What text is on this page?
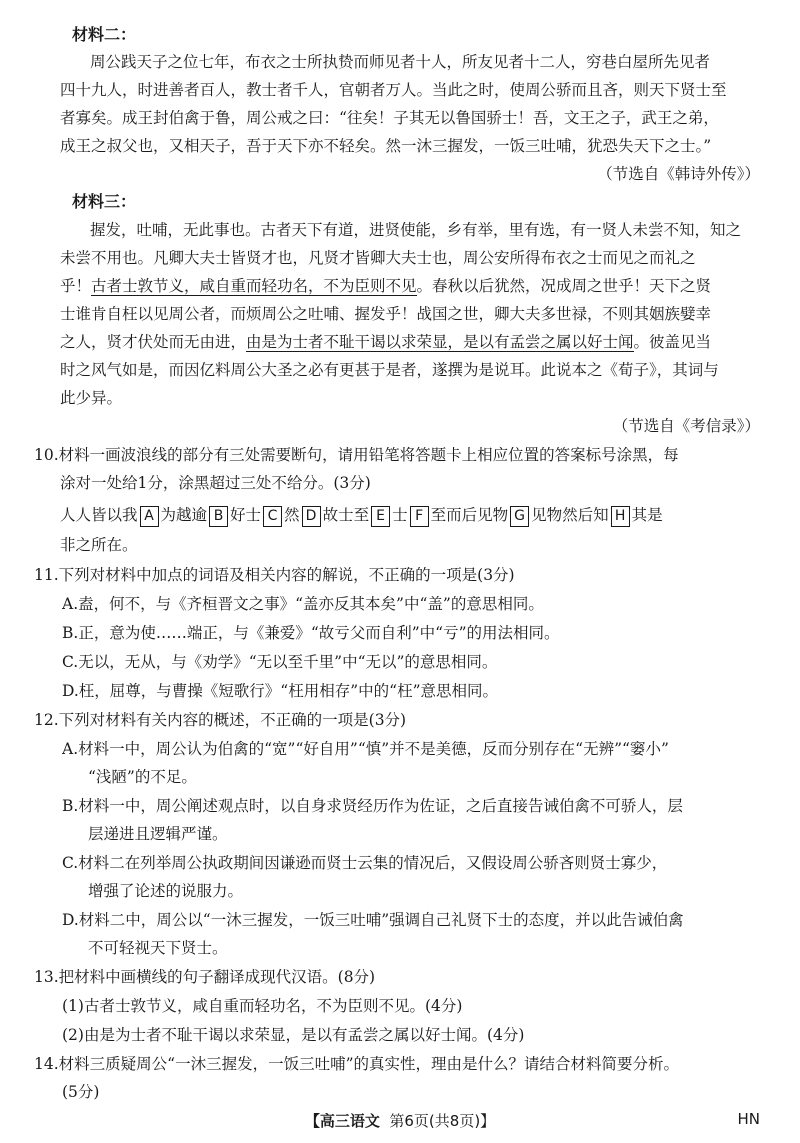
材料二：
周公践天子之位七年，布衣之士所执贽而师见者十人，所友见者十二人，穷巷白屋所先见者
四十九人，时进善者百人，教士者千人，官朝者万人。当此之时，使周公骄而且吝，则天下贤士至
者寡矣。成王封伯禽于鲁，周公戒之曰：“往矣！子其无以鲁国骄士！吾，文王之子，武王之弟，
成王之叔父也，又相天子，吾于天下亦不轻矣。然一沐三握发，一饭三吐哺，犹恐失天下之士。”
（节选自《韩诗外传》）
材料三：
握发，吐哺，无此事也。古者天下有道，进贤使能，乡有举，里有选，有一贤人未尝不知，知之
未尝不用也。凡卿大夫士皆贤才也，凡贤才皆卿大夫士也，周公安所得布衣之士而见之而礼之
乎！古者士敦节义，咸自重而轻功名，不为臣则不见。春秋以后犹然，况成周之世乎！天下之贤
士谁肯自枉以见周公者，而烦周公之吐哺、握发乎！战国之世，卿大夫多世禄，不则其姻族嬖幸
之人，贤才伏处而无由进，由是为士者不耻干谒以求荣显，是以有孟尝之属以好士闻。彼盖见当
时之风气如是，而因亿料周公大圣之必有更甚于是者，遂撰为是说耳。此说本之《荀子》，其词与
此少异。
（节选自《考信录》）
10.材料一画波浪线的部分有三处需要断句，请用铅笔将答题卡上相应位置的答案标号涂黑，每
涂对一处给1分，涂黑超过三处不给分。(3分)
人人皆以我 A 为越逾 B 好士 C 然 D 故士至 E 士 F 至而后见物 G 见物然后知 H 其是
非之所在。
11.下列对材料中加点的词语及相关内容的解说，不正确的一项是(3分)
A.盍，何不，与《齐桓晋文之事》“盖亦反其本矣”中“盖”的意思相同。
B.正，意为使……端正，与《兼爱》“故亏父而自利”中“亏”的用法相同。
C.无以，无从，与《劝学》“无以至千里”中“无以”的意思相同。
D.枉，屈尊，与曹操《短歌行》“枉用相存”中的“枉”意思相同。
12.下列对材料有关内容的概述，不正确的一项是(3分)
A.材料一中，周公认为伯禽的“宽”“好自用”“慎”并不是美德，反而分别存在“无辨”“窭小”
“浅陋”的不足。
B.材料一中，周公阐述观点时，以自身求贤经历作为佐证，之后直接告诫伯禽不可骄人，层
层递进且逻辑严谨。
C.材料二在列举周公执政期间因谦逊而贤士云集的情况后，又假设周公骄吝则贤士寡少，
增强了论述的说服力。
D.材料二中，周公以“一沐三握发，一饭三吐哺”强调自己礼贤下士的态度，并以此告诫伯禽
不可轻视天下贤士。
13.把材料中画横线的句子翻译成现代汉语。(8分)
(1)古者士敦节义，咸自重而轻功名，不为臣则不见。(4分)
(2)由是为士者不耻干谒以求荣显，是以有孟尝之属以好士闻。(4分)
14.材料三质疑周公“一沐三握发，一饭三吐哺”的真实性，理由是什么？请结合材料简要分析。
(5分)
【高三语文 第6页(共8页)】	HN
